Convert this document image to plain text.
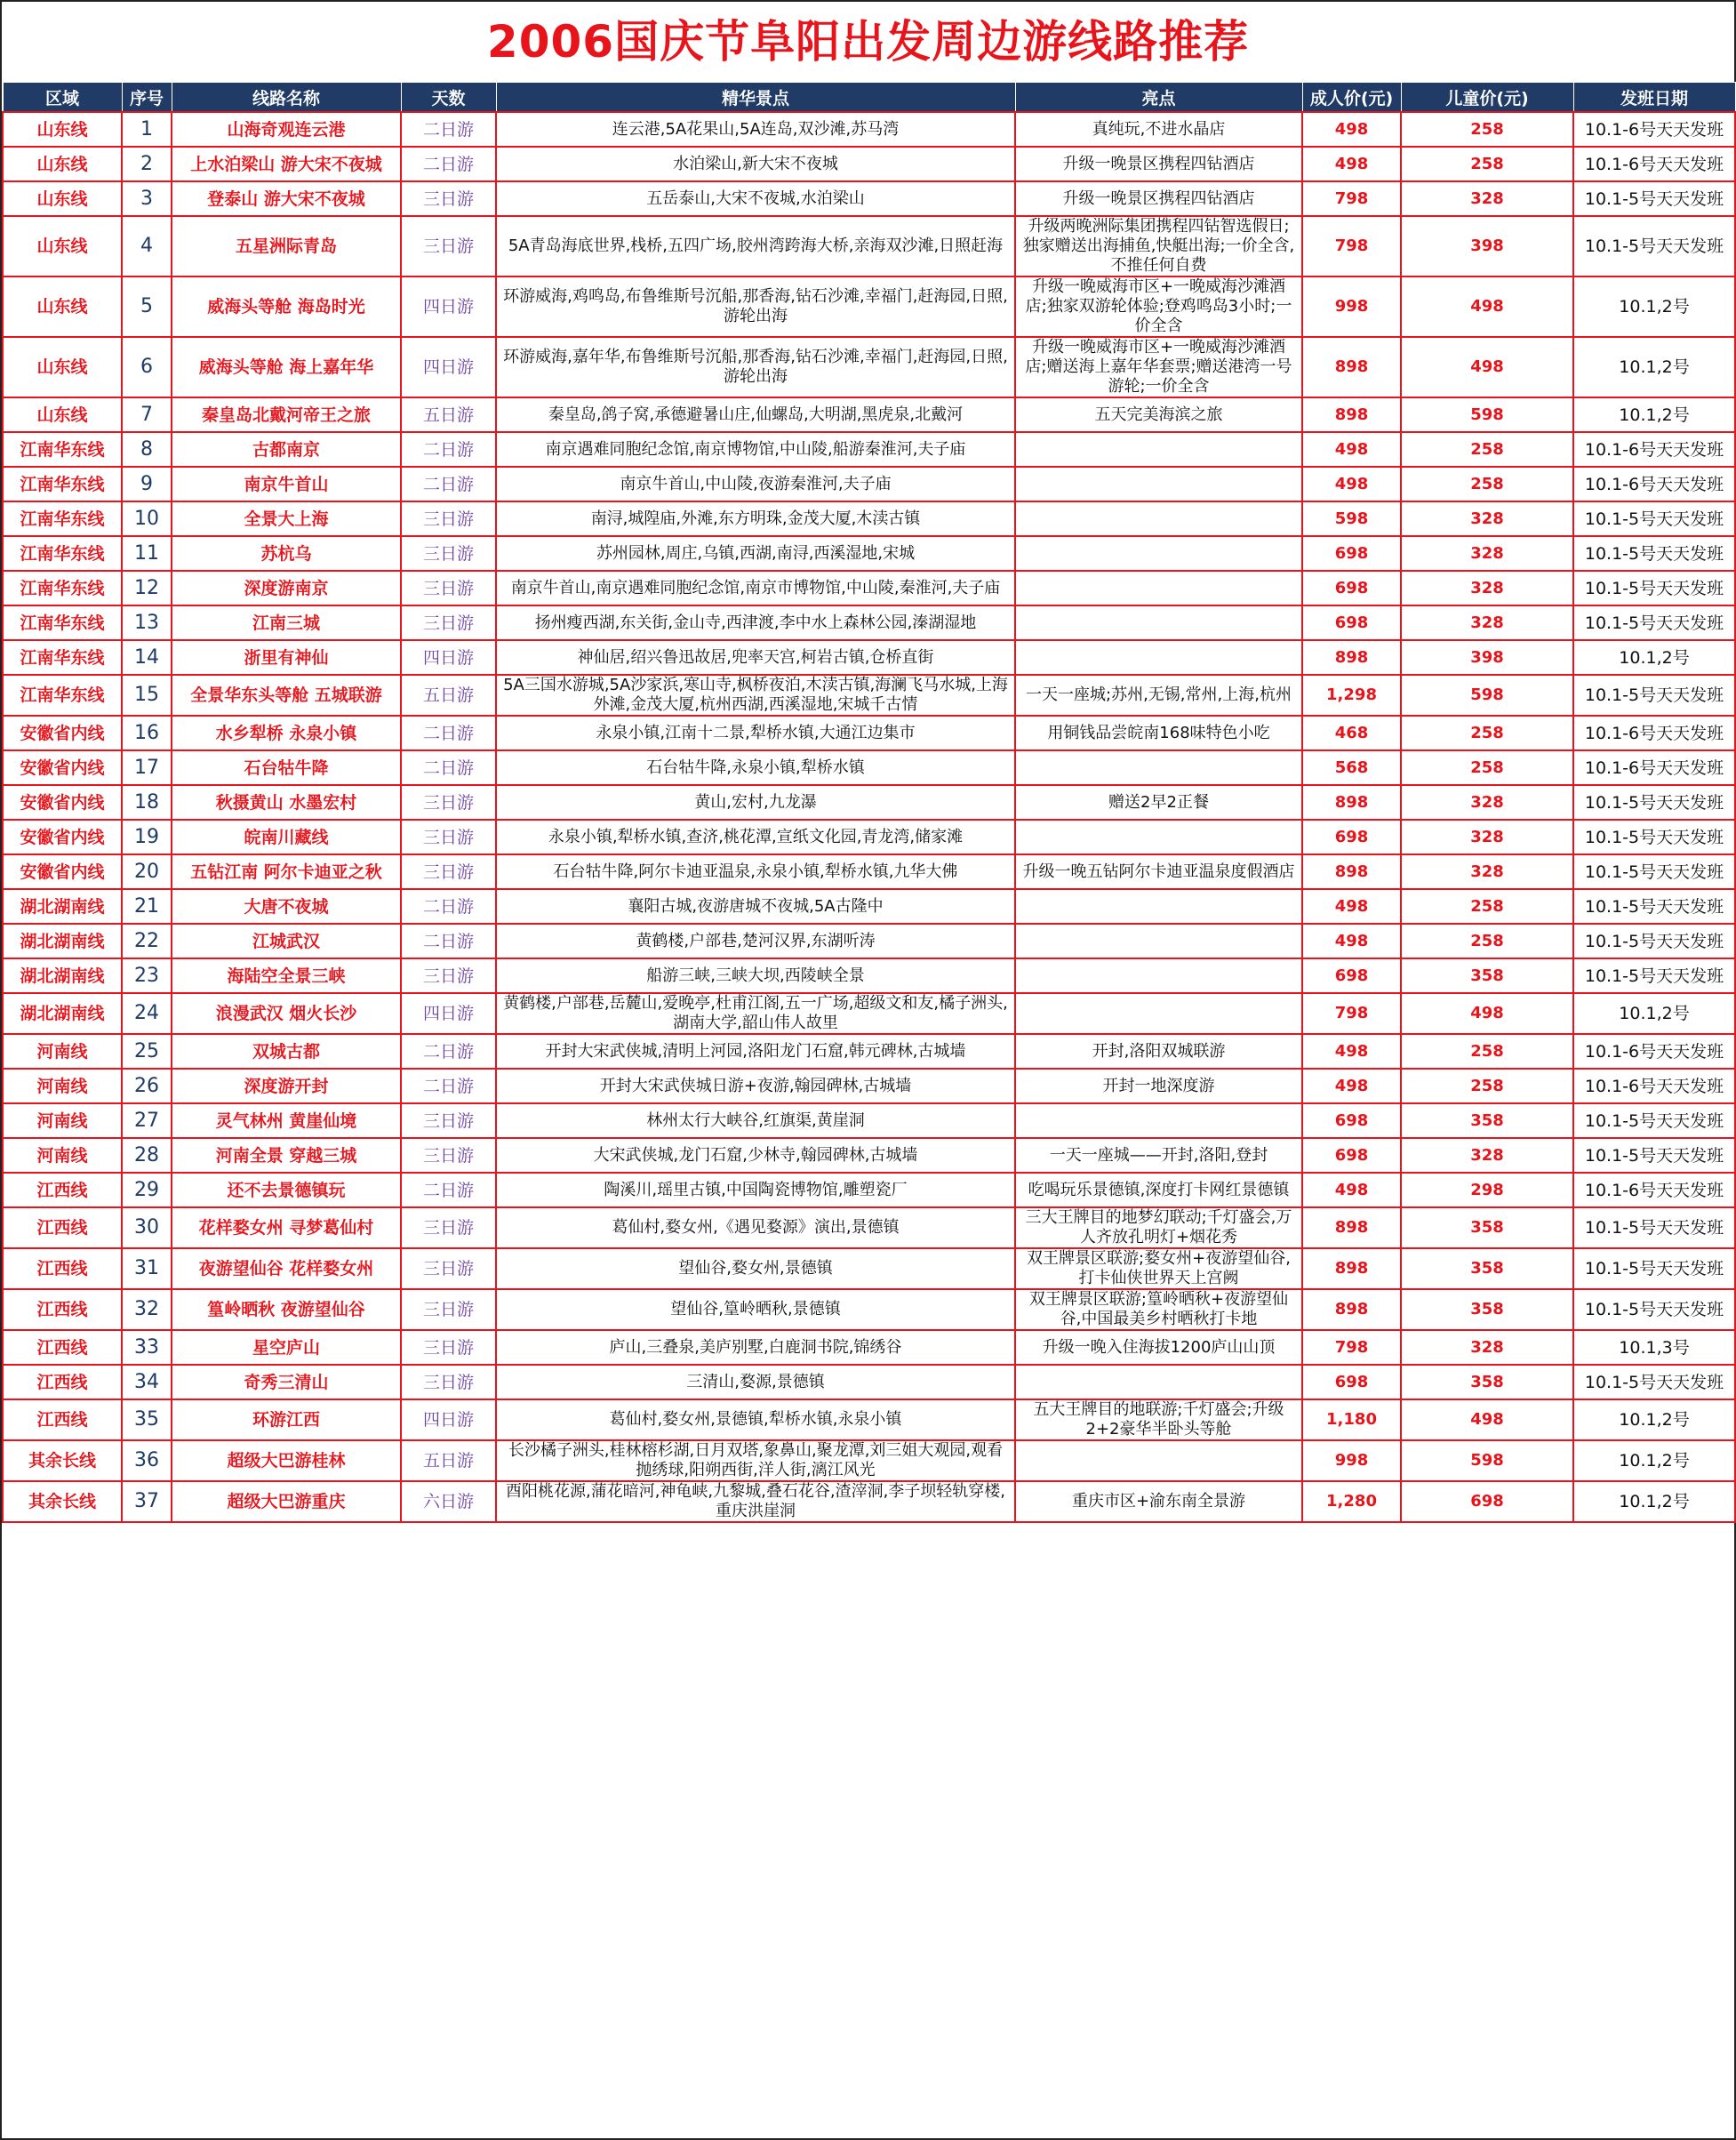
2006国庆节阜阳出发周边游线路推荐
区域	序号	线路名称	天数	精华景点	亮点	成人价(元)	儿童价(元)	发班日期
山东线	1	山海奇观连云港	二日游	连云港,5A花果山,5A连岛,双沙滩,苏马湾	真纯玩,不进水晶店	498	258	10.1-6号天天发班
山东线	2	上水泊梁山 游大宋不夜城	二日游	水泊梁山,新大宋不夜城	升级一晚景区携程四钻酒店	498	258	10.1-6号天天发班
山东线	3	登泰山 游大宋不夜城	三日游	五岳泰山,大宋不夜城,水泊梁山	升级一晚景区携程四钻酒店	798	328	10.1-5号天天发班
山东线	4	五星洲际青岛	三日游	5A青岛海底世界,栈桥,五四广场,胶州湾跨海大桥,亲海双沙滩,日照赶海	升级两晚洲际集团携程四钻智选假日;独家赠送出海捕鱼,快艇出海;一价全含,不推任何自费	798	398	10.1-5号天天发班
山东线	5	威海头等舱 海岛时光	四日游	环游威海,鸡鸣岛,布鲁维斯号沉船,那香海,钻石沙滩,幸福门,赶海园,日照,游轮出海	升级一晚威海市区+一晚威海沙滩酒店;独家双游轮体验;登鸡鸣岛3小时;一价全含	998	498	10.1,2号
山东线	6	威海头等舱 海上嘉年华	四日游	环游威海,嘉年华,布鲁维斯号沉船,那香海,钻石沙滩,幸福门,赶海园,日照,游轮出海	升级一晚威海市区+一晚威海沙滩酒店;赠送海上嘉年华套票;赠送港湾一号游轮;一价全含	898	498	10.1,2号
山东线	7	秦皇岛北戴河帝王之旅	五日游	秦皇岛,鸽子窝,承德避暑山庄,仙螺岛,大明湖,黑虎泉,北戴河	五天完美海滨之旅	898	598	10.1,2号
江南华东线	8	古都南京	二日游	南京遇难同胞纪念馆,南京博物馆,中山陵,船游秦淮河,夫子庙		498	258	10.1-6号天天发班
江南华东线	9	南京牛首山	二日游	南京牛首山,中山陵,夜游秦淮河,夫子庙		498	258	10.1-6号天天发班
江南华东线	10	全景大上海	三日游	南浔,城隍庙,外滩,东方明珠,金茂大厦,木渎古镇		598	328	10.1-5号天天发班
江南华东线	11	苏杭乌	三日游	苏州园林,周庄,乌镇,西湖,南浔,西溪湿地,宋城		698	328	10.1-5号天天发班
江南华东线	12	深度游南京	三日游	南京牛首山,南京遇难同胞纪念馆,南京市博物馆,中山陵,秦淮河,夫子庙		698	328	10.1-5号天天发班
江南华东线	13	江南三城	三日游	扬州瘦西湖,东关街,金山寺,西津渡,李中水上森林公园,溱湖湿地		698	328	10.1-5号天天发班
江南华东线	14	浙里有神仙	四日游	神仙居,绍兴鲁迅故居,兜率天宫,柯岩古镇,仓桥直街		898	398	10.1,2号
江南华东线	15	全景华东头等舱 五城联游	五日游	5A三国水游城,5A沙家浜,寒山寺,枫桥夜泊,木渎古镇,海澜飞马水城,上海外滩,金茂大厦,杭州西湖,西溪湿地,宋城千古情	一天一座城;苏州,无锡,常州,上海,杭州	1,298	598	10.1-5号天天发班
安徽省内线	16	水乡犁桥 永泉小镇	二日游	永泉小镇,江南十二景,犁桥水镇,大通江边集市	用铜钱品尝皖南168味特色小吃	468	258	10.1-6号天天发班
安徽省内线	17	石台牯牛降	二日游	石台牯牛降,永泉小镇,犁桥水镇		568	258	10.1-6号天天发班
安徽省内线	18	秋摄黄山 水墨宏村	三日游	黄山,宏村,九龙瀑	赠送2早2正餐	898	328	10.1-5号天天发班
安徽省内线	19	皖南川藏线	三日游	永泉小镇,犁桥水镇,查济,桃花潭,宣纸文化园,青龙湾,储家滩		698	328	10.1-5号天天发班
安徽省内线	20	五钻江南 阿尔卡迪亚之秋	三日游	石台牯牛降,阿尔卡迪亚温泉,永泉小镇,犁桥水镇,九华大佛	升级一晚五钻阿尔卡迪亚温泉度假酒店	898	328	10.1-5号天天发班
湖北湖南线	21	大唐不夜城	二日游	襄阳古城,夜游唐城不夜城,5A古隆中		498	258	10.1-5号天天发班
湖北湖南线	22	江城武汉	二日游	黄鹤楼,户部巷,楚河汉界,东湖听涛		498	258	10.1-5号天天发班
湖北湖南线	23	海陆空全景三峡	三日游	船游三峡,三峡大坝,西陵峡全景		698	358	10.1-5号天天发班
湖北湖南线	24	浪漫武汉 烟火长沙	四日游	黄鹤楼,户部巷,岳麓山,爱晚亭,杜甫江阁,五一广场,超级文和友,橘子洲头,湖南大学,韶山伟人故里		798	498	10.1,2号
河南线	25	双城古都	二日游	开封大宋武侠城,清明上河园,洛阳龙门石窟,韩元碑林,古城墙	开封,洛阳双城联游	498	258	10.1-6号天天发班
河南线	26	深度游开封	二日游	开封大宋武侠城日游+夜游,翰园碑林,古城墙	开封一地深度游	498	258	10.1-6号天天发班
河南线	27	灵气林州 黄崖仙境	三日游	林州太行大峡谷,红旗渠,黄崖洞		698	358	10.1-5号天天发班
河南线	28	河南全景 穿越三城	三日游	大宋武侠城,龙门石窟,少林寺,翰园碑林,古城墙	一天一座城——开封,洛阳,登封	698	328	10.1-5号天天发班
江西线	29	还不去景德镇玩	二日游	陶溪川,瑶里古镇,中国陶瓷博物馆,雕塑瓷厂	吃喝玩乐景德镇,深度打卡网红景德镇	498	298	10.1-6号天天发班
江西线	30	花样婺女州 寻梦葛仙村	三日游	葛仙村,婺女州,《遇见婺源》演出,景德镇	三大王牌目的地梦幻联动;千灯盛会,万人齐放孔明灯+烟花秀	898	358	10.1-5号天天发班
江西线	31	夜游望仙谷 花样婺女州	三日游	望仙谷,婺女州,景德镇	双王牌景区联游;婺女州+夜游望仙谷,打卡仙侠世界天上宫阙	898	358	10.1-5号天天发班
江西线	32	篁岭晒秋 夜游望仙谷	三日游	望仙谷,篁岭晒秋,景德镇	双王牌景区联游;篁岭晒秋+夜游望仙谷,中国最美乡村晒秋打卡地	898	358	10.1-5号天天发班
江西线	33	星空庐山	三日游	庐山,三叠泉,美庐别墅,白鹿洞书院,锦绣谷	升级一晚入住海拔1200庐山山顶	798	328	10.1,3号
江西线	34	奇秀三清山	三日游	三清山,婺源,景德镇		698	358	10.1-5号天天发班
江西线	35	环游江西	四日游	葛仙村,婺女州,景德镇,犁桥水镇,永泉小镇	五大王牌目的地联游;千灯盛会;升级2+2豪华半卧头等舱	1,180	498	10.1,2号
其余长线	36	超级大巴游桂林	五日游	长沙橘子洲头,桂林榕杉湖,日月双塔,象鼻山,聚龙潭,刘三姐大观园,观看抛绣球,阳朔西街,洋人街,漓江风光		998	598	10.1,2号
其余长线	37	超级大巴游重庆	六日游	酉阳桃花源,蒲花暗河,神龟峡,九黎城,叠石花谷,渣滓洞,李子坝轻轨穿楼,重庆洪崖洞	重庆市区+渝东南全景游	1,280	698	10.1,2号
